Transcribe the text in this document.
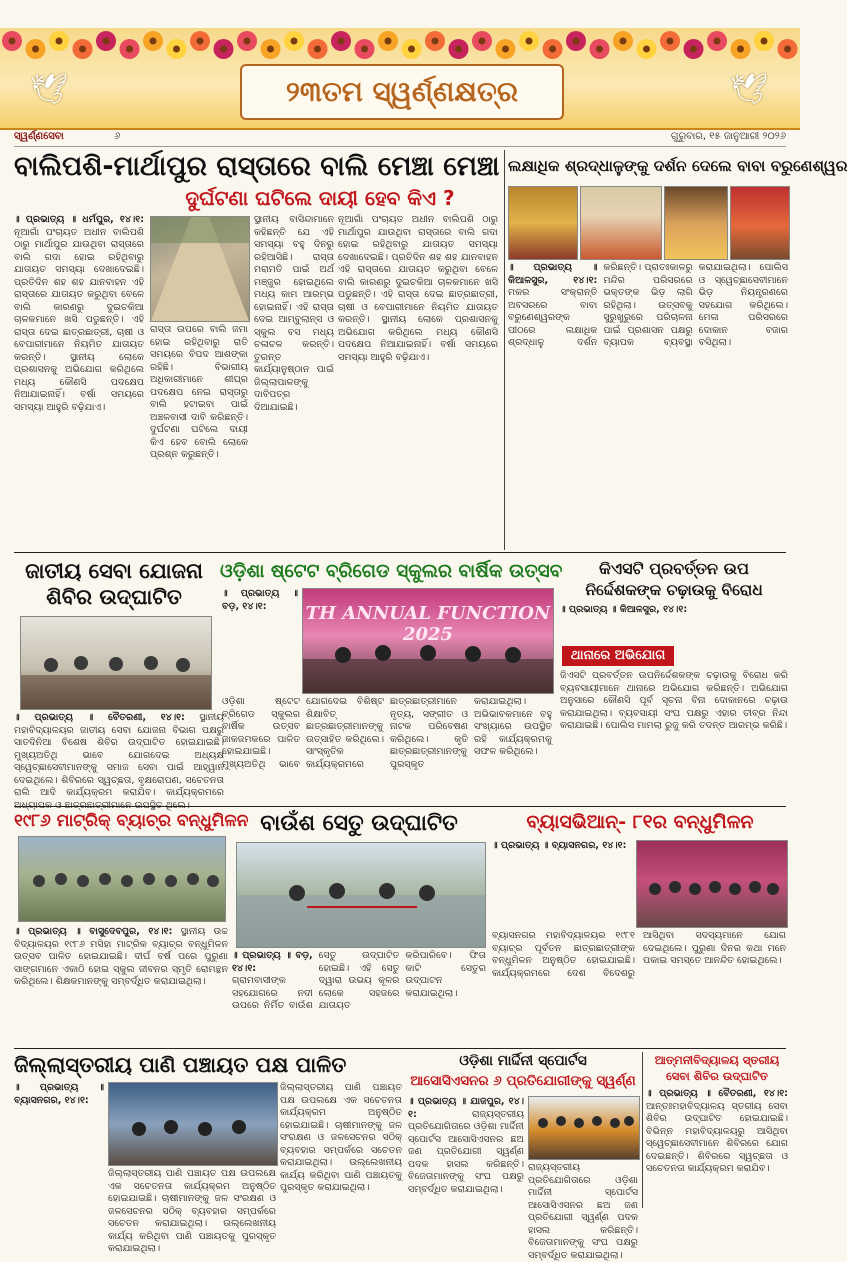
🕊	🕊
୨୩ତମ ସ୍ୱର୍ଣ୍ଣକ୍ଷତ୍ର
ସ୍ୱର୍ଣ୍ଣସେବା	୬	ଗୁରୁବାର, ୧୫ ଜାନୁଆରୀ ୨୦୨୬
ବାଲିପଶି-ମାର୍ଥାପୁର ରାସ୍ତାରେ ବାଲି ମେଞ୍ଚା ମେଞ୍ଚା
ଦୁର୍ଘଟଣା ଘଟିଲେ ଦାୟୀ ହେବ କିଏ ?
॥ ପ୍ରଭାତ୍ୟ ॥ ଧର୍ମପୁର, ୧୪।୧: ନୂଆଗାଁ ପଂଚାୟତ ଅଧୀନ ବାଲିପଶି ଠାରୁ ମାର୍ଥାପୁର ଯାଉଥିବା ରାସ୍ତାରେ ବାଲି ଗଦା ହୋଇ ରହିଥିବାରୁ ଯାତାୟତ ସମସ୍ୟା ଦେଖାଦେଇଛି। ପ୍ରତିଦିନ ଶହ ଶହ ଯାନବାହନ ଏହି ରାସ୍ତାରେ ଯାତାୟତ କରୁଥିବା ବେଳେ ବାଲି କାରଣରୁ ଦୁଇଚକିଆ ଚାଳକମାନେ ଖସି ପଡୁଛନ୍ତି। ଏହି ରାସ୍ତା ଦେଇ ଛାତ୍ରଛାତ୍ରୀ, ଚାଷୀ ଓ ବେପାରୀମାନେ ନିୟମିତ ଯାତାୟତ କରନ୍ତି। ସ୍ଥାନୀୟ ଲୋକେ ପ୍ରଶାସନକୁ ଅଭିଯୋଗ କରିଥିଲେ ମଧ୍ୟ କୌଣସି ପଦକ୍ଷେପ ନିଆଯାଇନାହିଁ। ବର୍ଷା ସମୟରେ ସମସ୍ୟା ଆହୁରି ବଢ଼ିଯାଏ।
ରାସ୍ତା ଉପରେ ବାଲି ଜମା ହୋଇ ରହିଥିବାରୁ ରାତି ସମୟରେ ବିପଦ ଆଶଙ୍କା ରହିଛି। ବିଭାଗୀୟ ଅଧିକାରୀମାନେ ଶୀଘ୍ର ପଦକ୍ଷେପ ନେଇ ରାସ୍ତାରୁ ବାଲି ହଟାଇବା ପାଇଁ ଅଞ୍ଚଳବାସୀ ଦାବି କରିଛନ୍ତି। ଦୁର୍ଘଟଣା ଘଟିଲେ ଦାୟୀ କିଏ ହେବ ବୋଲି ଲୋକେ ପ୍ରଶ୍ନ କରୁଛନ୍ତି।
ସ୍ଥାନୀୟ ବାସିନ୍ଦାମାନେ କହିଛନ୍ତି ଯେ ଏହି ସମସ୍ୟା ବହୁ ଦିନରୁ ରହିଆସିଛି। ରାସ୍ତା ମରାମତି ପାଇଁ ଅର୍ଥ ମଞ୍ଜୁର ହୋଇଥିଲେ ମଧ୍ୟ କାମ ଆରମ୍ଭ ହୋଇନାହିଁ। ଏହି ରାସ୍ତା ଦେଇ ଆମ୍ବୁଲାନ୍ସ ଓ ସ୍କୁଲ ବସ ମଧ୍ୟ ଚଳାଚଳ କରନ୍ତି। ତୁରନ୍ତ କାର୍ଯ୍ୟାନୁଷ୍ଠାନ ପାଇଁ ଜିଲ୍ଲାପାଳଙ୍କୁ ଦାବିପତ୍ର ଦିଆଯାଇଛି।
ନୂଆଗାଁ ପଂଚାୟତ ଅଧୀନ ବାଲିପଶି ଠାରୁ ମାର୍ଥାପୁର ଯାଉଥିବା ରାସ୍ତାରେ ବାଲି ଗଦା ହୋଇ ରହିଥିବାରୁ ଯାତାୟତ ସମସ୍ୟା ଦେଖାଦେଇଛି। ପ୍ରତିଦିନ ଶହ ଶହ ଯାନବାହନ ଏହି ରାସ୍ତାରେ ଯାତାୟତ କରୁଥିବା ବେଳେ ବାଲି କାରଣରୁ ଦୁଇଚକିଆ ଚାଳକମାନେ ଖସି ପଡୁଛନ୍ତି। ଏହି ରାସ୍ତା ଦେଇ ଛାତ୍ରଛାତ୍ରୀ, ଚାଷୀ ଓ ବେପାରୀମାନେ ନିୟମିତ ଯାତାୟତ କରନ୍ତି। ସ୍ଥାନୀୟ ଲୋକେ ପ୍ରଶାସନକୁ ଅଭିଯୋଗ କରିଥିଲେ ମଧ୍ୟ କୌଣସି ପଦକ୍ଷେପ ନିଆଯାଇନାହିଁ। ବର୍ଷା ସମୟରେ ସମସ୍ୟା ଆହୁରି ବଢ଼ିଯାଏ।
ଲକ୍ଷାଧିକ ଶ୍ରଦ୍ଧାଳୁଙ୍କୁ ଦର୍ଶନ ଦେଲେ ବାବା ବରୁଣେଶ୍ୱର
॥ ପ୍ରଭାତ୍ୟ ॥ କିଆଳସୁର, ୧୪।୧: ମକର ସଂକ୍ରାନ୍ତି ଅବସରରେ ବାବା ବରୁଣେଶ୍ୱରଙ୍କ ପୀଠରେ ଲକ୍ଷାଧିକ ଶ୍ରଦ୍ଧାଳୁ ଦର୍ଶନ କରିଛନ୍ତି। ପ୍ରାତଃକାଳରୁ ମନ୍ଦିର ପରିସରରେ ଭକ୍ତଙ୍କ ଭିଡ଼ ଲାଗି ରହିଥିଲା। ଉତ୍ସବକୁ ସୁରୁଖୁରୁରେ ପରିଚାଳନା ପାଇଁ ପ୍ରଶାସନ ପକ୍ଷରୁ ବ୍ୟାପକ ବ୍ୟବସ୍ଥା କରାଯାଇଥିଲା। ପୋଲିସ ଓ ସ୍ୱେଚ୍ଛାସେବୀମାନେ ଭିଡ଼ ନିୟନ୍ତ୍ରଣରେ ସହଯୋଗ କରିଥିଲେ। ମେଳା ପରିସରରେ ଦୋକାନ ବଜାର ବସିଥିଲା।
ଜାତୀୟ ସେବା ଯୋଜନା
ଶିବିର ଉଦ୍‌ଘାଟିତ
॥ ପ୍ରଭାତ୍ୟ ॥ ବୈତରଣୀ, ୧୪।୧: ସ୍ଥାନୀୟ ମହାବିଦ୍ୟାଳୟର ଜାତୀୟ ସେବା ଯୋଜନା ବିଭାଗ ପକ୍ଷରୁ ସାତଦିନିଆ ବିଶେଷ ଶିବିର ଉଦ୍‌ଘାଟିତ ହୋଇଯାଇଛି। ମୁଖ୍ୟଅତିଥି ଭାବେ ଯୋଗଦେଇ ଅଧ୍ୟକ୍ଷ ସ୍ୱେଚ୍ଛାସେବୀମାନଙ୍କୁ ସମାଜ ସେବା ପାଇଁ ଆହ୍ୱାନ ଦେଇଥିଲେ। ଶିବିରରେ ସ୍ୱଚ୍ଛତା, ବୃକ୍ଷରୋପଣ, ସଚେତନତା ରାଲି ଆଦି କାର୍ଯ୍ୟକ୍ରମ କରାଯିବ। କାର୍ଯ୍ୟକ୍ରମରେ
ଓଡ଼ିଶା ଷ୍ଟେଟ ବ୍ରିଗେଡ ସ୍କୁଲର ବାର୍ଷିକ ଉତ୍ସବ
॥ ପ୍ରଭାତ୍ୟ ॥ ବଡ଼, ୧୪।୧:	TH ANNUAL FUNCTION 2025
ଓଡ଼ିଶା ଷ୍ଟେଟ ବ୍ରିଗେଡ ସ୍କୁଲର ବାର୍ଷିକ ଉତ୍ସବ ଜାକଜମକରେ ପାଳିତ ହୋଇଯାଇଛି। ମୁଖ୍ୟଅତିଥି ଭାବେ ଯୋଗଦେଇ ବିଶିଷ୍ଟ ଶିକ୍ଷାବିତ୍ ଛାତ୍ରଛାତ୍ରୀମାନଙ୍କୁ ଉତ୍ସାହିତ କରିଥିଲେ। ସାଂସ୍କୃତିକ କାର୍ଯ୍ୟକ୍ରମରେ ଛାତ୍ରଛାତ୍ରୀମାନେ ନୃତ୍ୟ, ସଙ୍ଗୀତ ଓ ନାଟକ ପରିବେଷଣ କରିଥିଲେ। କୃତି ଛାତ୍ରଛାତ୍ରୀମାନଙ୍କୁ ପୁରସ୍କୃତ କରାଯାଇଥିଲା। ଅଭିଭାବକମାନେ ବହୁ ସଂଖ୍ୟାରେ ଉପସ୍ଥିତ ରହି କାର୍ଯ୍ୟକ୍ରମକୁ ସଫଳ କରିଥିଲେ।
କିଏସଟି ପ୍ରବର୍ତ୍ତନ ଉପ
ନିର୍ଦ୍ଦେଶକଙ୍କ ଚଢ଼ାଉକୁ ବିରୋଧ
॥ ପ୍ରଭାତ୍ୟ ॥ କିଆଳସୁର, ୧୪।୧:
ଥାନାରେ ଅଭିଯୋଗ
ଜିଏସଟି ପ୍ରବର୍ତ୍ତନ ଉପନିର୍ଦ୍ଦେଶକଙ୍କ ଚଢ଼ାଉକୁ ବିରୋଧ କରି ବ୍ୟବସାୟୀମାନେ ଥାନାରେ ଅଭିଯୋଗ କରିଛନ୍ତି। ଅଭିଯୋଗ ଅନୁସାରେ କୌଣସି ପୂର୍ବ ସୂଚନା ବିନା ଦୋକାନରେ ଚଢ଼ାଉ କରାଯାଇଥିଲା। ବ୍ୟବସାୟୀ ସଂଘ ପକ୍ଷରୁ ଏହାର ତୀବ୍ର ନିନ୍ଦା କରାଯାଇଛି। ପୋଲିସ ମାମଲା ରୁଜୁ କରି ତଦନ୍ତ ଆରମ୍ଭ କରିଛି।
୧୯୮୬ ମାଟ୍ରିକ୍ ବ୍ୟାଚ୍‌ର ବନ୍ଧୁମିଳନ
॥ ପ୍ରଭାତ୍ୟ ॥ ବାସୁଦେବପୁର, ୧୪।୧: ସ୍ଥାନୀୟ ଉଚ୍ଚ ବିଦ୍ୟାଳୟର ୧୯୮୬ ମସିହା ମାଟ୍ରିକ ବ୍ୟାଚ୍‌ର ବନ୍ଧୁମିଳନ ଉତ୍ସବ ପାଳିତ ହୋଇଯାଇଛି। ଦୀର୍ଘ ବର୍ଷ ପରେ ପୁରୁଣା ସାଙ୍ଗମାନେ ଏକାଠି ହୋଇ ସ୍କୁଲ ଜୀବନର ସ୍ମୃତି ରୋମନ୍ଥନ କରିଥିଲେ। ଶିକ୍ଷକମାନଙ୍କୁ ସମ୍ବର୍ଦ୍ଧିତ କରାଯାଇଥିଲା।
ବାଉଁଶ ସେତୁ ଉଦ୍‌ଘାଟିତ
॥ ପ୍ରଭାତ୍ୟ ॥ ବଡ଼, ୧୪।୧: ଗ୍ରାମବାସୀଙ୍କ ସହଯୋଗରେ ନଦୀ ଉପରେ ନିର୍ମିତ ବାଉଁଶ ସେତୁ ଉଦ୍‌ଘାଟିତ ହୋଇଛି। ଏହି ସେତୁ ଦ୍ୱାରା ଉଭୟ କୂଳର ଲୋକେ ସହଜରେ ଯାତାୟତ କରିପାରିବେ। ଫିତା କାଟି ସେତୁର ଉଦ୍‌ଘାଟନ କରାଯାଇଥିଲା।
ବ୍ୟାସଭିଆନ୍- ୮୧ର ବନ୍ଧୁମିଳନ
॥ ପ୍ରଭାତ୍ୟ ॥ ବ୍ୟାସନଗର, ୧୪।୧:
ବ୍ୟାସନଗର ମହାବିଦ୍ୟାଳୟର ୧୯୮୧ ବ୍ୟାଚ୍‌ର ପୂର୍ବତନ ଛାତ୍ରଛାତ୍ରୀଙ୍କ ବନ୍ଧୁମିଳନ ଅନୁଷ୍ଠିତ ହୋଇଯାଇଛି। କାର୍ଯ୍ୟକ୍ରମରେ ଦେଶ ବିଦେଶରୁ ଆସିଥିବା ସଦସ୍ୟମାନେ ଯୋଗ ଦେଇଥିଲେ। ପୁରୁଣା ଦିନର କଥା ମନେ ପକାଇ ସମସ୍ତେ ଆନନ୍ଦିତ ହୋଇଥିଲେ।
ଜିଲ୍ଲାସ୍ତରୀୟ ପାଣି ପଞ୍ଚାୟତ ପକ୍ଷ ପାଳିତ
॥ ପ୍ରଭାତ୍ୟ ॥ ବ୍ୟାସନଗର, ୧୪।୧:
ଜିଲ୍ଲାସ୍ତରୀୟ ପାଣି ପଞ୍ଚାୟତ ପକ୍ଷ ଉପଲକ୍ଷେ ଏକ ସଚେତନତା କାର୍ଯ୍ୟକ୍ରମ ଅନୁଷ୍ଠିତ ହୋଇଯାଇଛି। ଚାଷୀମାନଙ୍କୁ ଜଳ ସଂରକ୍ଷଣ ଓ ଜଳସେଚନର ସଠିକ୍ ବ୍ୟବହାର ସମ୍ପର୍କରେ ସଚେତନ କରାଯାଇଥିଲା। ଉଲ୍ଲେଖନୀୟ କାର୍ଯ୍ୟ କରିଥିବା ପାଣି ପଞ୍ଚାୟତକୁ ପୁରସ୍କୃତ କରାଯାଇଥିଲା।
ଜିଲ୍ଲାସ୍ତରୀୟ ପାଣି ପଞ୍ଚାୟତ ପକ୍ଷ ଉପଲକ୍ଷେ ଏକ ସଚେତନତା କାର୍ଯ୍ୟକ୍ରମ ଅନୁଷ୍ଠିତ ହୋଇଯାଇଛି। ଚାଷୀମାନଙ୍କୁ ଜଳ ସଂରକ୍ଷଣ ଓ ଜଳସେଚନର ସଠିକ୍ ବ୍ୟବହାର ସମ୍ପର୍କରେ ସଚେତନ କରାଯାଇଥିଲା। ଉଲ୍ଲେଖନୀୟ କାର୍ଯ୍ୟ କରିଥିବା ପାଣି ପଞ୍ଚାୟତକୁ ପୁରସ୍କୃତ କରାଯାଇଥିଲା।
ଓଡ଼ିଶା ମାର୍ଦ୍ଦିନୀ ସ୍ପୋର୍ଟସ
ଆସୋସିଏସନର ୬ ପ୍ରତିଯୋଗୀଙ୍କୁ ସ୍ୱର୍ଣ୍ଣ
॥ ପ୍ରଭାତ୍ୟ ॥ ଯାଜପୁର, ୧୪।୧:	ରାଜ୍ୟସ୍ତରୀୟ ପ୍ରତିଯୋଗିତାରେ ଓଡ଼ିଶା ମାର୍ଦ୍ଦିନୀ ସ୍ପୋର୍ଟସ ଆସୋସିଏସନର ଛଅ ଜଣ ପ୍ରତିଯୋଗୀ ସ୍ୱର୍ଣ୍ଣ ପଦକ ହାସଲ କରିଛନ୍ତି। ବିଜେତାମାନଙ୍କୁ ସଂଘ ପକ୍ଷରୁ ସମ୍ବର୍ଦ୍ଧିତ କରାଯାଇଥିଲା।
ରାଜ୍ୟସ୍ତରୀୟ ପ୍ରତିଯୋଗିତାରେ ଓଡ଼ିଶା ମାର୍ଦ୍ଦିନୀ ସ୍ପୋର୍ଟସ ଆସୋସିଏସନର ଛଅ ଜଣ ପ୍ରତିଯୋଗୀ ସ୍ୱର୍ଣ୍ଣ ପଦକ ହାସଲ କରିଛନ୍ତି। ବିଜେତାମାନଙ୍କୁ ସଂଘ ପକ୍ଷରୁ ସମ୍ବର୍ଦ୍ଧିତ କରାଯାଇଥିଲା।
ଆତ୍ମନୀବିଦ୍ୟାଳୟ ସ୍ତରୀୟ
ସେବା ଶିବିର ଉଦ୍‌ଘାଟିତ
॥ ପ୍ରଭାତ୍ୟ ॥ ବୈତରଣୀ, ୧୪।୧: ଆନ୍ତଃମହାବିଦ୍ୟାଳୟ ସ୍ତରୀୟ ସେବା ଶିବିର ଉଦ୍‌ଘାଟିତ ହୋଇଯାଇଛି। ବିଭିନ୍ନ ମହାବିଦ୍ୟାଳୟରୁ ଆସିଥିବା ସ୍ୱେଚ୍ଛାସେବୀମାନେ ଶିବିରରେ ଯୋଗ ଦେଇଛନ୍ତି। ଶିବିରରେ ସ୍ୱଚ୍ଛତା ଓ ସଚେତନତା କାର୍ଯ୍ୟକ୍ରମ କରାଯିବ।
